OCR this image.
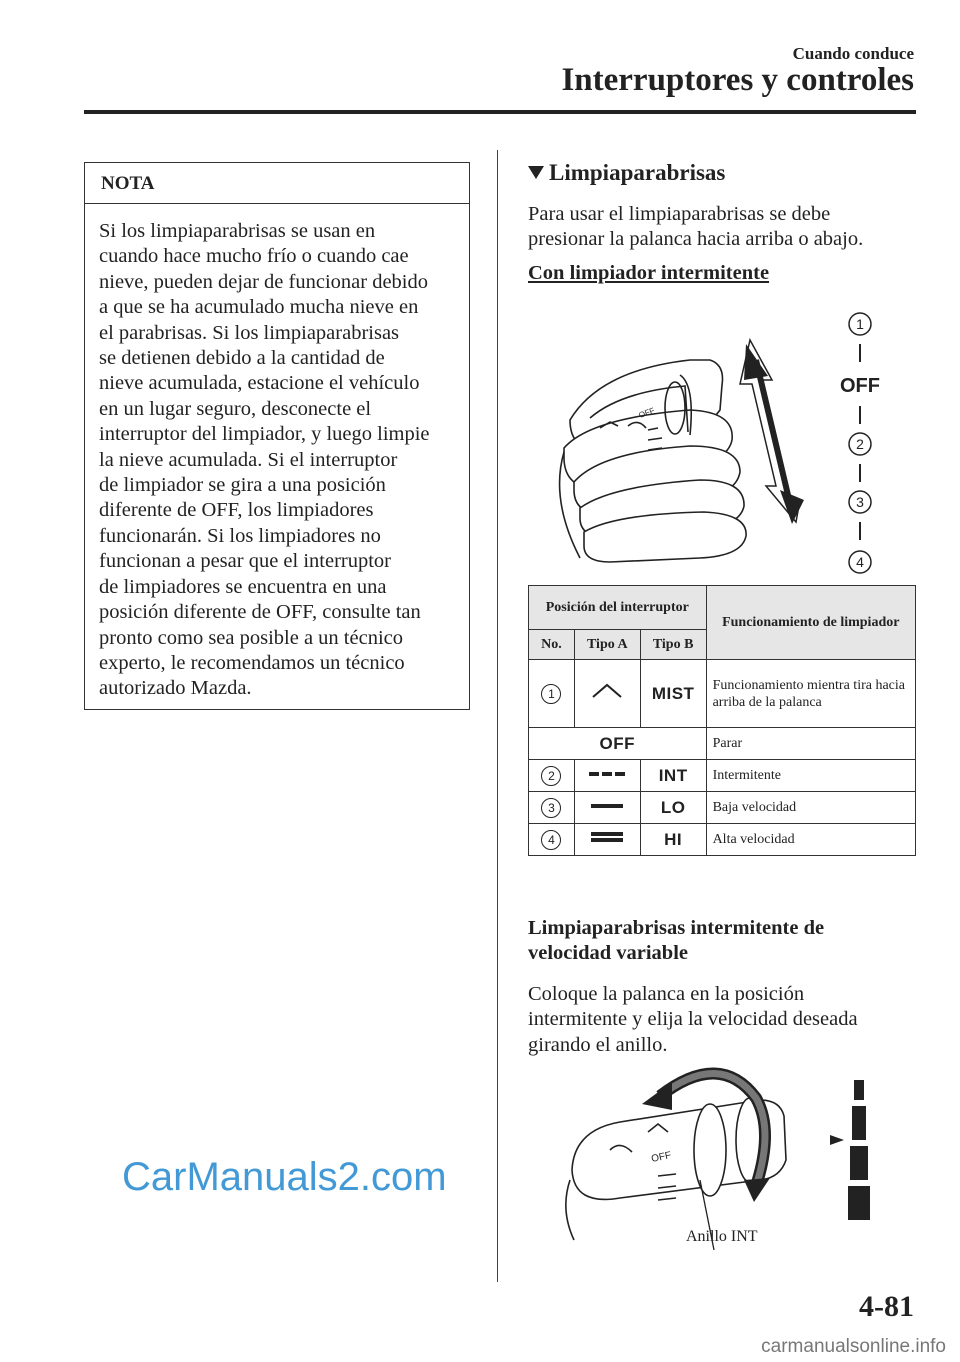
Cuando conduce
Interruptores y controles
NOTA
Si los limpiaparabrisas se usan en
cuando hace mucho frío o cuando cae
nieve, pueden dejar de funcionar debido
a que se ha acumulado mucha nieve en
el parabrisas. Si los limpiaparabrisas
se detienen debido a la cantidad de
nieve acumulada, estacione el vehículo
en un lugar seguro, desconecte el
interruptor del limpiador, y luego limpie
la nieve acumulada. Si el interruptor
de limpiador se gira a una posición
diferente de OFF, los limpiadores
funcionarán. Si los limpiadores no
funcionan a pesar que el interruptor
de limpiadores se encuentra en una
posición diferente de OFF, consulte tan
pronto como sea posible a un técnico
experto, le recomendamos un técnico
autorizado Mazda.
Limpiaparabrisas
Para usar el limpiaparabrisas se debe
presionar la palanca hacia arriba o abajo.
Con limpiador intermitente
OFF
1
OFF
2
3
4
Posición del interruptor			Funcionamiento de limpiador
No.	Tipo A	Tipo B	
1		MIST	Funcionamiento mientra tira hacia arriba de la palanca
OFF			Parar
2		INT	Intermitente
3		LO	Baja velocidad
4		HI	Alta velocidad
Limpiaparabrisas intermitente de
velocidad variable
Coloque la palanca en la posición
intermitente y elija la velocidad deseada
girando el anillo.
OFF
Anillo INT
CarManuals2.com
4-81
carmanualsonline.info
